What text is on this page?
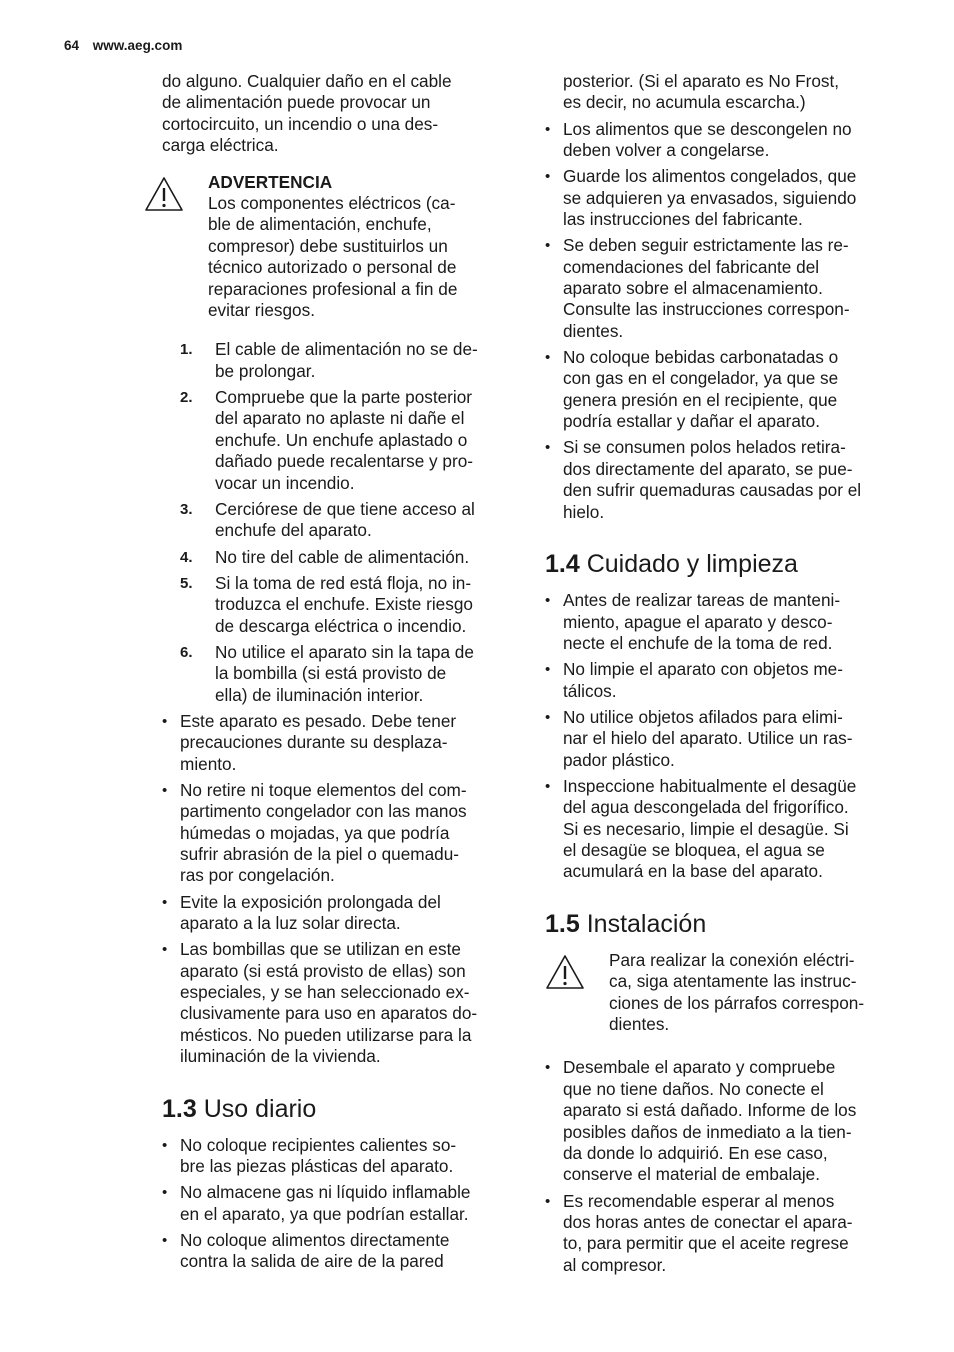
64 www.aeg.com
do alguno. Cualquier daño en el cable
de alimentación puede provocar un
cortocircuito, un incendio o una des-
carga eléctrica.
ADVERTENCIA
Los componentes eléctricos (ca-
ble de alimentación, enchufe,
compresor) debe sustituirlos un
técnico autorizado o personal de
reparaciones profesional a fin de
evitar riesgos.
1.	El cable de alimentación no se de-
be prolongar.
2.	Compruebe que la parte posterior
del aparato no aplaste ni dañe el
enchufe. Un enchufe aplastado o
dañado puede recalentarse y pro-
vocar un incendio.
3.	Cerciórese de que tiene acceso al
enchufe del aparato.
4.	No tire del cable de alimentación.
5.	Si la toma de red está floja, no in-
troduzca el enchufe. Existe riesgo
de descarga eléctrica o incendio.
6.	No utilice el aparato sin la tapa de
la bombilla (si está provisto de
ella) de iluminación interior.
• Este aparato es pesado. Debe tener
precauciones durante su desplaza-
miento.
• No retire ni toque elementos del com-
partimento congelador con las manos
húmedas o mojadas, ya que podría
sufrir abrasión de la piel o quemadu-
ras por congelación.
• Evite la exposición prolongada del
aparato a la luz solar directa.
• Las bombillas que se utilizan en este
aparato (si está provisto de ellas) son
especiales, y se han seleccionado ex-
clusivamente para uso en aparatos do-
mésticos. No pueden utilizarse para la
iluminación de la vivienda.
1.3 Uso diario
• No coloque recipientes calientes so-
bre las piezas plásticas del aparato.
• No almacene gas ni líquido inflamable
en el aparato, ya que podrían estallar.
• No coloque alimentos directamente
contra la salida de aire de la pared
posterior. (Si el aparato es No Frost,
es decir, no acumula escarcha.)
• Los alimentos que se descongelen no
deben volver a congelarse.
• Guarde los alimentos congelados, que
se adquieren ya envasados, siguiendo
las instrucciones del fabricante.
• Se deben seguir estrictamente las re-
comendaciones del fabricante del
aparato sobre el almacenamiento.
Consulte las instrucciones correspon-
dientes.
• No coloque bebidas carbonatadas o
con gas en el congelador, ya que se
genera presión en el recipiente, que
podría estallar y dañar el aparato.
• Si se consumen polos helados retira-
dos directamente del aparato, se pue-
den sufrir quemaduras causadas por el
hielo.
1.4 Cuidado y limpieza
• Antes de realizar tareas de manteni-
miento, apague el aparato y desco-
necte el enchufe de la toma de red.
• No limpie el aparato con objetos me-
tálicos.
• No utilice objetos afilados para elimi-
nar el hielo del aparato. Utilice un ras-
pador plástico.
• Inspeccione habitualmente el desagüe
del agua descongelada del frigorífico.
Si es necesario, limpie el desagüe. Si
el desagüe se bloquea, el agua se
acumulará en la base del aparato.
1.5 Instalación
Para realizar la conexión eléctri-
ca, siga atentamente las instruc-
ciones de los párrafos correspon-
dientes.
• Desembale el aparato y compruebe
que no tiene daños. No conecte el
aparato si está dañado. Informe de los
posibles daños de inmediato a la tien-
da donde lo adquirió. En ese caso,
conserve el material de embalaje.
• Es recomendable esperar al menos
dos horas antes de conectar el apara-
to, para permitir que el aceite regrese
al compresor.
